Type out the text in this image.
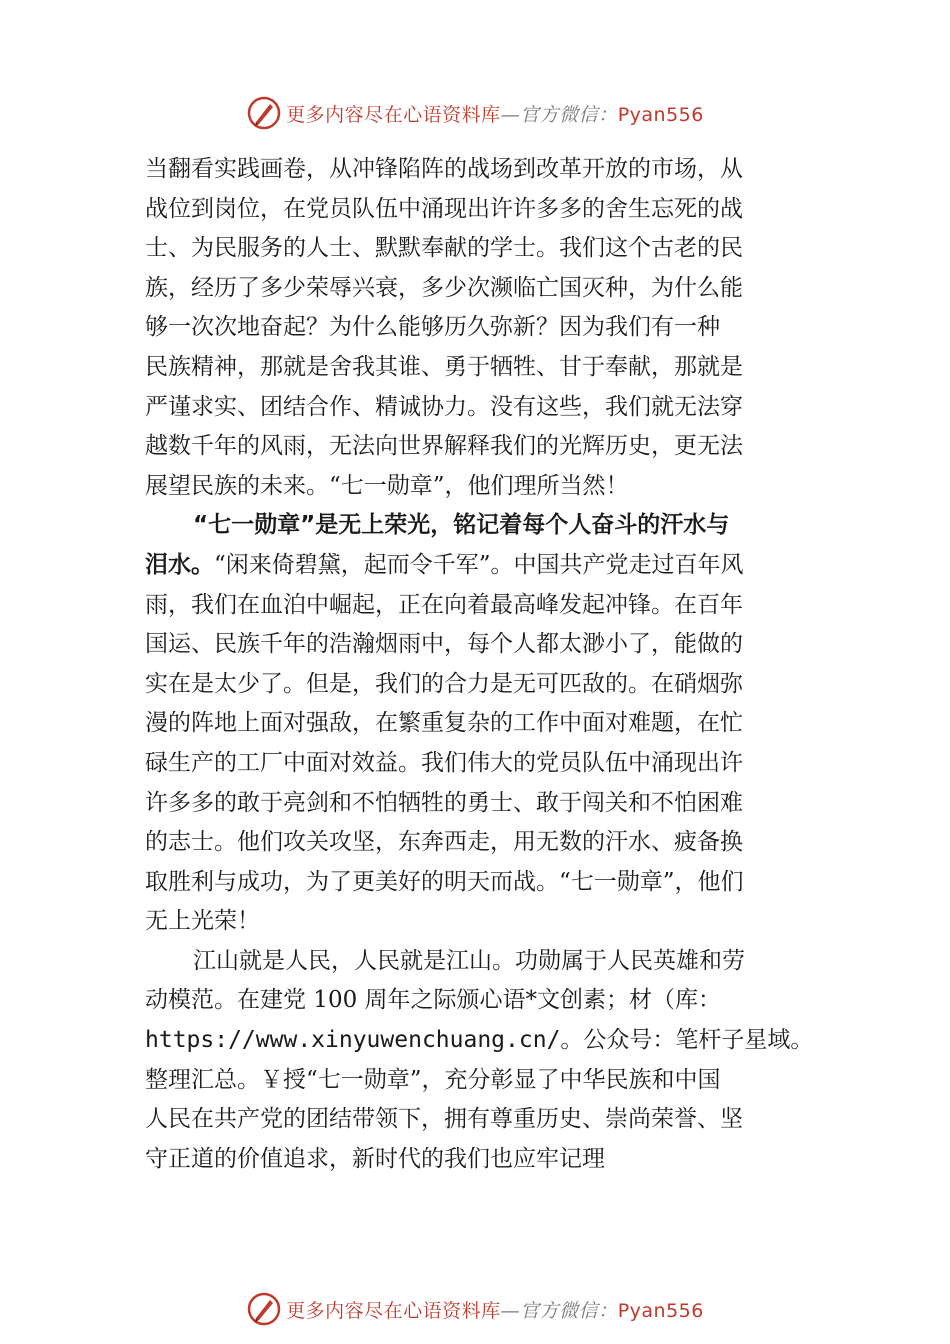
更多内容尽在心语资料库—官方微信：Pyan556
当翻看实践画卷，从冲锋陷阵的战场到改革开放的市场，从
战位到岗位，在党员队伍中涌现出许许多多的舍生忘死的战
士、为民服务的人士、默默奉献的学士。我们这个古老的民
族，经历了多少荣辱兴衰，多少次濒临亡国灭种，为什么能
够一次次地奋起？为什么能够历久弥新？因为我们有一种
民族精神，那就是舍我其谁、勇于牺牲、甘于奉献，那就是
严谨求实、团结合作、精诚协力。没有这些，我们就无法穿
越数千年的风雨，无法向世界解释我们的光辉历史，更无法
展望民族的未来。“七一勋章”，他们理所当然！
“七一勋章”是无上荣光，铭记着每个人奋斗的汗水与
泪水。“闲来倚碧黛，起而令千军”。中国共产党走过百年风
雨，我们在血泊中崛起，正在向着最高峰发起冲锋。在百年
国运、民族千年的浩瀚烟雨中，每个人都太渺小了，能做的
实在是太少了。但是，我们的合力是无可匹敌的。在硝烟弥
漫的阵地上面对强敌，在繁重复杂的工作中面对难题，在忙
碌生产的工厂中面对效益。我们伟大的党员队伍中涌现出许
许多多的敢于亮剑和不怕牺牲的勇士、敢于闯关和不怕困难
的志士。他们攻关攻坚，东奔西走，用无数的汗水、疲备换
取胜利与成功，为了更美好的明天而战。“七一勋章”，他们
无上光荣！
江山就是人民，人民就是江山。功勋属于人民英雄和劳
动模范。在建党 100 周年之际颁心语*文创素；材（库：
https://www.xinyuwenchuang.cn/ 。公众号：笔杆子星域。
整理汇总。￥授“七一勋章”，充分彰显了中华民族和中国
人民在共产党的团结带领下，拥有尊重历史、崇尚荣誉、坚
守正道的价值追求，新时代的我们也应牢记理
更多内容尽在心语资料库—官方微信：Pyan556
